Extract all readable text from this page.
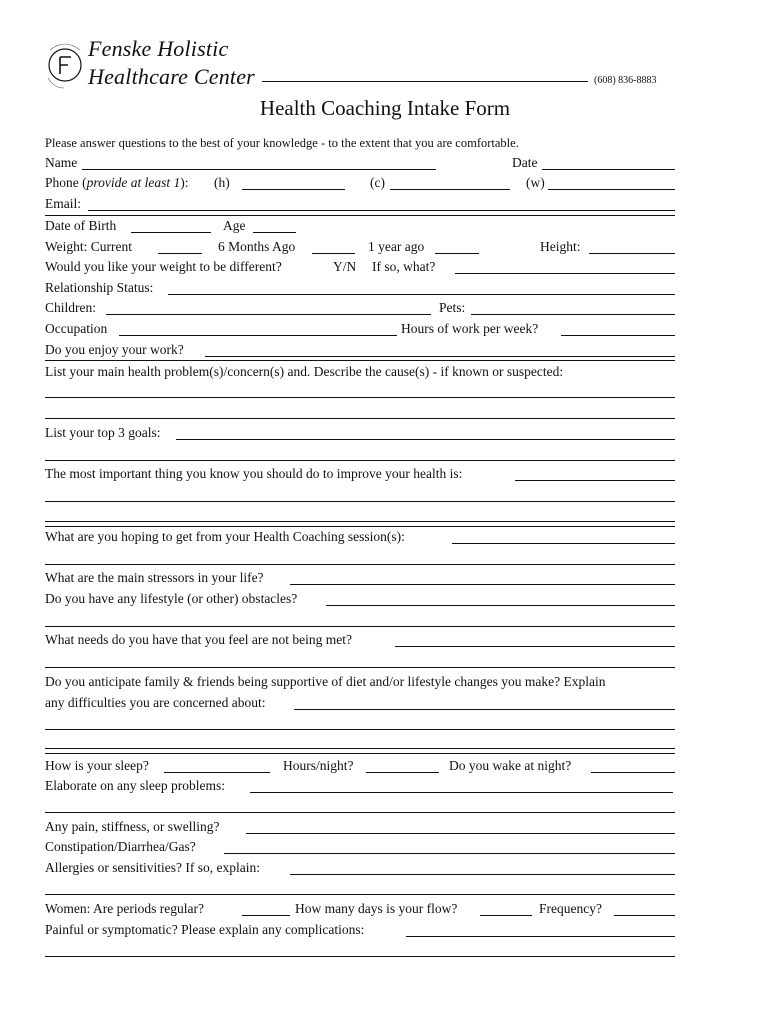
Fenske Holistic
Healthcare Center	(608) 836-8883
Health Coaching Intake Form
Please answer questions to the best of your knowledge - to the extent that you are comfortable.
Name	Date
Phone (provide at least 1): (h)	(c)	(w)
Email:
Date of Birth	Age
Weight: Current	6 Months Ago	1 year ago	Height:
Would you like your weight to be different?	Y/N If so, what?
Relationship Status:
Children:	Pets:
Occupation	Hours of work per week?
Do you enjoy your work?
List your main health problem(s)/concern(s) and. Describe the cause(s) - if known or suspected:
List your top 3 goals:
The most important thing you know you should do to improve your health is:
What are you hoping to get from your Health Coaching session(s):
What are the main stressors in your life?
Do you have any lifestyle (or other) obstacles?
What needs do you have that you feel are not being met?
Do you anticipate family & friends being supportive of diet and/or lifestyle changes you make? Explain
any difficulties you are concerned about:
How is your sleep?	Hours/night?	Do you wake at night?
Elaborate on any sleep problems:
Any pain, stiffness, or swelling?
Constipation/Diarrhea/Gas?
Allergies or sensitivities? If so, explain:
Women: Are periods regular?	How many days is your flow?	Frequency?
Painful or symptomatic? Please explain any complications:
